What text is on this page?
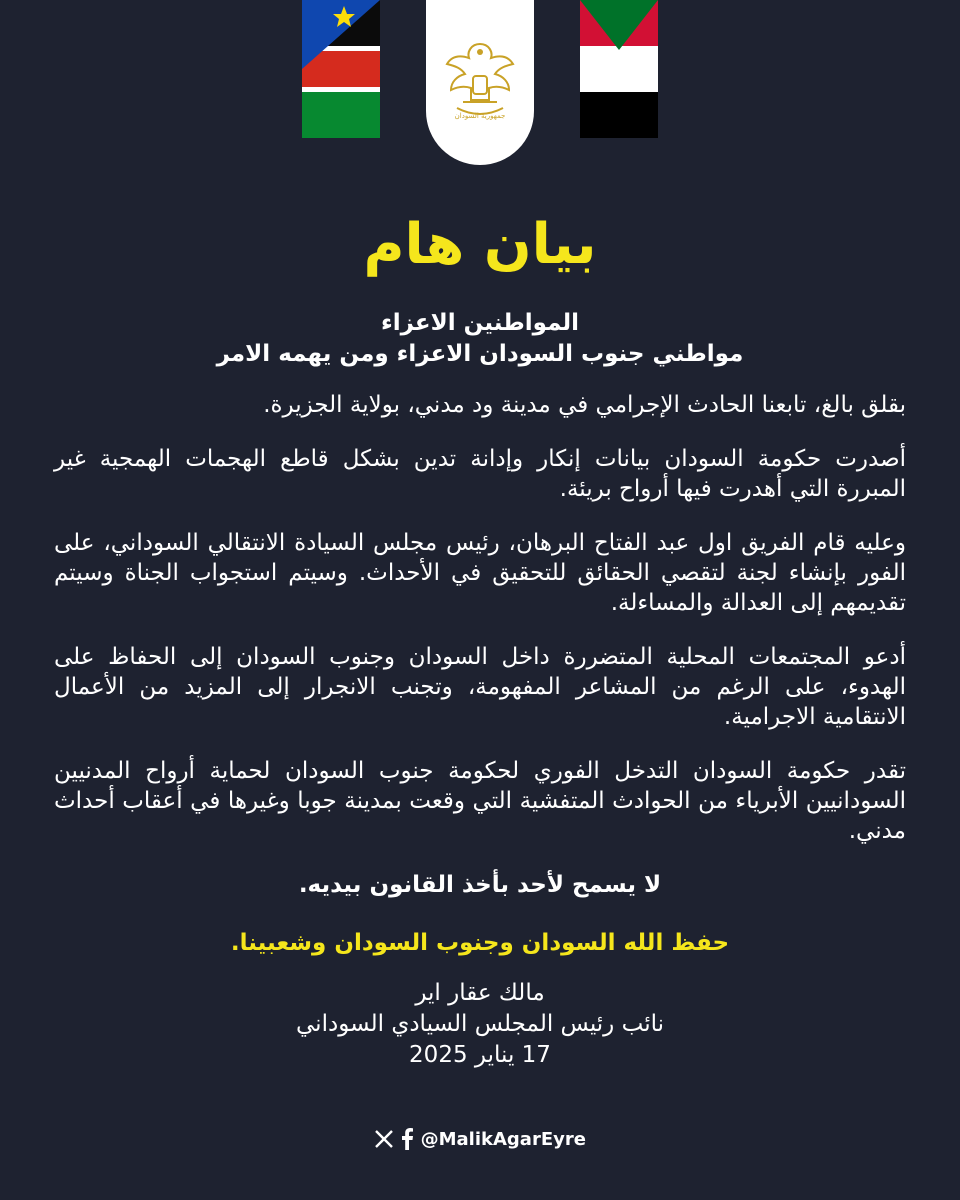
جمهورية السودان
بيان هام
المواطنين الاعزاء
مواطني جنوب السودان الاعزاء ومن يهمه الامر

بقلق بالغ، تابعنا الحادث الإجرامي في مدينة ود مدني، بولاية الجزيرة.

أصدرت حكومة السودان بيانات إنكار وإدانة تدين بشكل قاطع الهجمات الهمجية غير المبررة التي أهدرت فيها أرواح بريئة.

وعليه قام الفريق اول عبد الفتاح البرهان، رئيس مجلس السيادة الانتقالي السوداني، على الفور بإنشاء لجنة لتقصي الحقائق للتحقيق في الأحداث. وسيتم استجواب الجناة وسيتم تقديمهم إلى العدالة والمساءلة.

أدعو المجتمعات المحلية المتضررة داخل السودان وجنوب السودان إلى الحفاظ على الهدوء، على الرغم من المشاعر المفهومة، وتجنب الانجرار إلى المزيد من الأعمال الانتقامية الاجرامية.

تقدر حكومة السودان التدخل الفوري لحكومة جنوب السودان لحماية أرواح المدنيين السودانيين الأبرياء من الحوادث المتفشية التي وقعت بمدينة جوبا وغيرها في أعقاب أحداث مدني.

لا يسمح لأحد بأخذ القانون بيديه.

حفظ الله السودان وجنوب السودان وشعبينا.

مالك عقار اير
نائب رئيس المجلس السيادي السوداني
17 يناير 2025
@MalikAgarEyre
